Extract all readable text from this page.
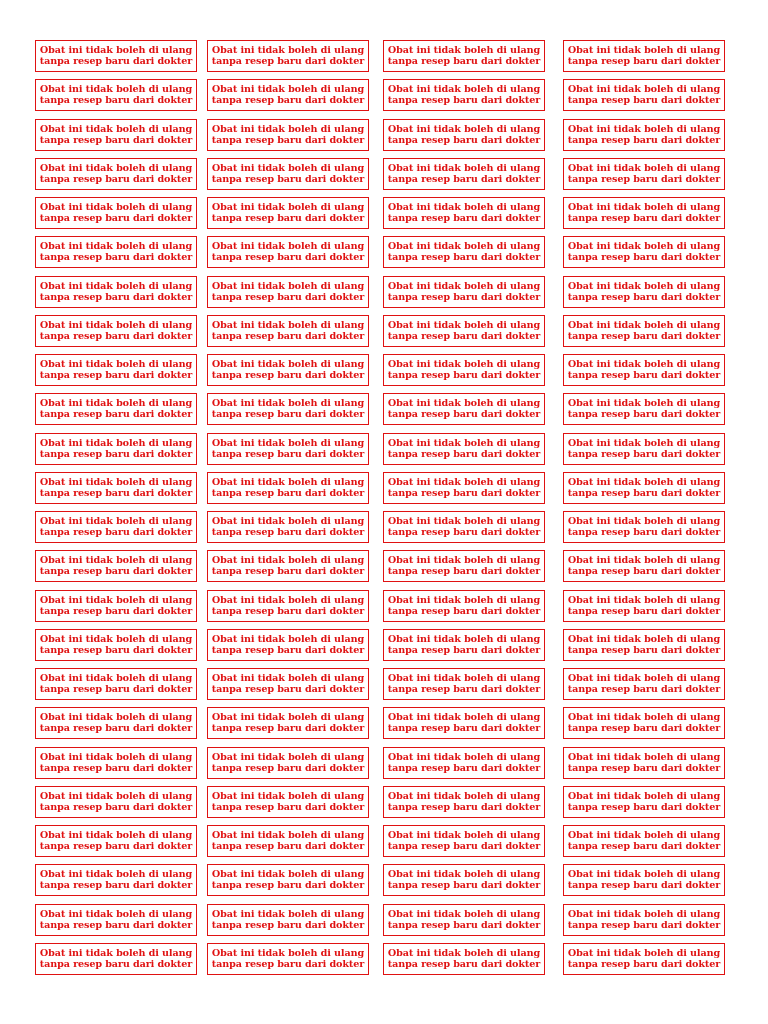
Obat ini tidak boleh di ulang
tanpa resep baru dari dokter
Obat ini tidak boleh di ulang
tanpa resep baru dari dokter
Obat ini tidak boleh di ulang
tanpa resep baru dari dokter
Obat ini tidak boleh di ulang
tanpa resep baru dari dokter
Obat ini tidak boleh di ulang
tanpa resep baru dari dokter
Obat ini tidak boleh di ulang
tanpa resep baru dari dokter
Obat ini tidak boleh di ulang
tanpa resep baru dari dokter
Obat ini tidak boleh di ulang
tanpa resep baru dari dokter
Obat ini tidak boleh di ulang
tanpa resep baru dari dokter
Obat ini tidak boleh di ulang
tanpa resep baru dari dokter
Obat ini tidak boleh di ulang
tanpa resep baru dari dokter
Obat ini tidak boleh di ulang
tanpa resep baru dari dokter
Obat ini tidak boleh di ulang
tanpa resep baru dari dokter
Obat ini tidak boleh di ulang
tanpa resep baru dari dokter
Obat ini tidak boleh di ulang
tanpa resep baru dari dokter
Obat ini tidak boleh di ulang
tanpa resep baru dari dokter
Obat ini tidak boleh di ulang
tanpa resep baru dari dokter
Obat ini tidak boleh di ulang
tanpa resep baru dari dokter
Obat ini tidak boleh di ulang
tanpa resep baru dari dokter
Obat ini tidak boleh di ulang
tanpa resep baru dari dokter
Obat ini tidak boleh di ulang
tanpa resep baru dari dokter
Obat ini tidak boleh di ulang
tanpa resep baru dari dokter
Obat ini tidak boleh di ulang
tanpa resep baru dari dokter
Obat ini tidak boleh di ulang
tanpa resep baru dari dokter
Obat ini tidak boleh di ulang
tanpa resep baru dari dokter
Obat ini tidak boleh di ulang
tanpa resep baru dari dokter
Obat ini tidak boleh di ulang
tanpa resep baru dari dokter
Obat ini tidak boleh di ulang
tanpa resep baru dari dokter
Obat ini tidak boleh di ulang
tanpa resep baru dari dokter
Obat ini tidak boleh di ulang
tanpa resep baru dari dokter
Obat ini tidak boleh di ulang
tanpa resep baru dari dokter
Obat ini tidak boleh di ulang
tanpa resep baru dari dokter
Obat ini tidak boleh di ulang
tanpa resep baru dari dokter
Obat ini tidak boleh di ulang
tanpa resep baru dari dokter
Obat ini tidak boleh di ulang
tanpa resep baru dari dokter
Obat ini tidak boleh di ulang
tanpa resep baru dari dokter
Obat ini tidak boleh di ulang
tanpa resep baru dari dokter
Obat ini tidak boleh di ulang
tanpa resep baru dari dokter
Obat ini tidak boleh di ulang
tanpa resep baru dari dokter
Obat ini tidak boleh di ulang
tanpa resep baru dari dokter
Obat ini tidak boleh di ulang
tanpa resep baru dari dokter
Obat ini tidak boleh di ulang
tanpa resep baru dari dokter
Obat ini tidak boleh di ulang
tanpa resep baru dari dokter
Obat ini tidak boleh di ulang
tanpa resep baru dari dokter
Obat ini tidak boleh di ulang
tanpa resep baru dari dokter
Obat ini tidak boleh di ulang
tanpa resep baru dari dokter
Obat ini tidak boleh di ulang
tanpa resep baru dari dokter
Obat ini tidak boleh di ulang
tanpa resep baru dari dokter
Obat ini tidak boleh di ulang
tanpa resep baru dari dokter
Obat ini tidak boleh di ulang
tanpa resep baru dari dokter
Obat ini tidak boleh di ulang
tanpa resep baru dari dokter
Obat ini tidak boleh di ulang
tanpa resep baru dari dokter
Obat ini tidak boleh di ulang
tanpa resep baru dari dokter
Obat ini tidak boleh di ulang
tanpa resep baru dari dokter
Obat ini tidak boleh di ulang
tanpa resep baru dari dokter
Obat ini tidak boleh di ulang
tanpa resep baru dari dokter
Obat ini tidak boleh di ulang
tanpa resep baru dari dokter
Obat ini tidak boleh di ulang
tanpa resep baru dari dokter
Obat ini tidak boleh di ulang
tanpa resep baru dari dokter
Obat ini tidak boleh di ulang
tanpa resep baru dari dokter
Obat ini tidak boleh di ulang
tanpa resep baru dari dokter
Obat ini tidak boleh di ulang
tanpa resep baru dari dokter
Obat ini tidak boleh di ulang
tanpa resep baru dari dokter
Obat ini tidak boleh di ulang
tanpa resep baru dari dokter
Obat ini tidak boleh di ulang
tanpa resep baru dari dokter
Obat ini tidak boleh di ulang
tanpa resep baru dari dokter
Obat ini tidak boleh di ulang
tanpa resep baru dari dokter
Obat ini tidak boleh di ulang
tanpa resep baru dari dokter
Obat ini tidak boleh di ulang
tanpa resep baru dari dokter
Obat ini tidak boleh di ulang
tanpa resep baru dari dokter
Obat ini tidak boleh di ulang
tanpa resep baru dari dokter
Obat ini tidak boleh di ulang
tanpa resep baru dari dokter
Obat ini tidak boleh di ulang
tanpa resep baru dari dokter
Obat ini tidak boleh di ulang
tanpa resep baru dari dokter
Obat ini tidak boleh di ulang
tanpa resep baru dari dokter
Obat ini tidak boleh di ulang
tanpa resep baru dari dokter
Obat ini tidak boleh di ulang
tanpa resep baru dari dokter
Obat ini tidak boleh di ulang
tanpa resep baru dari dokter
Obat ini tidak boleh di ulang
tanpa resep baru dari dokter
Obat ini tidak boleh di ulang
tanpa resep baru dari dokter
Obat ini tidak boleh di ulang
tanpa resep baru dari dokter
Obat ini tidak boleh di ulang
tanpa resep baru dari dokter
Obat ini tidak boleh di ulang
tanpa resep baru dari dokter
Obat ini tidak boleh di ulang
tanpa resep baru dari dokter
Obat ini tidak boleh di ulang
tanpa resep baru dari dokter
Obat ini tidak boleh di ulang
tanpa resep baru dari dokter
Obat ini tidak boleh di ulang
tanpa resep baru dari dokter
Obat ini tidak boleh di ulang
tanpa resep baru dari dokter
Obat ini tidak boleh di ulang
tanpa resep baru dari dokter
Obat ini tidak boleh di ulang
tanpa resep baru dari dokter
Obat ini tidak boleh di ulang
tanpa resep baru dari dokter
Obat ini tidak boleh di ulang
tanpa resep baru dari dokter
Obat ini tidak boleh di ulang
tanpa resep baru dari dokter
Obat ini tidak boleh di ulang
tanpa resep baru dari dokter
Obat ini tidak boleh di ulang
tanpa resep baru dari dokter
Obat ini tidak boleh di ulang
tanpa resep baru dari dokter
